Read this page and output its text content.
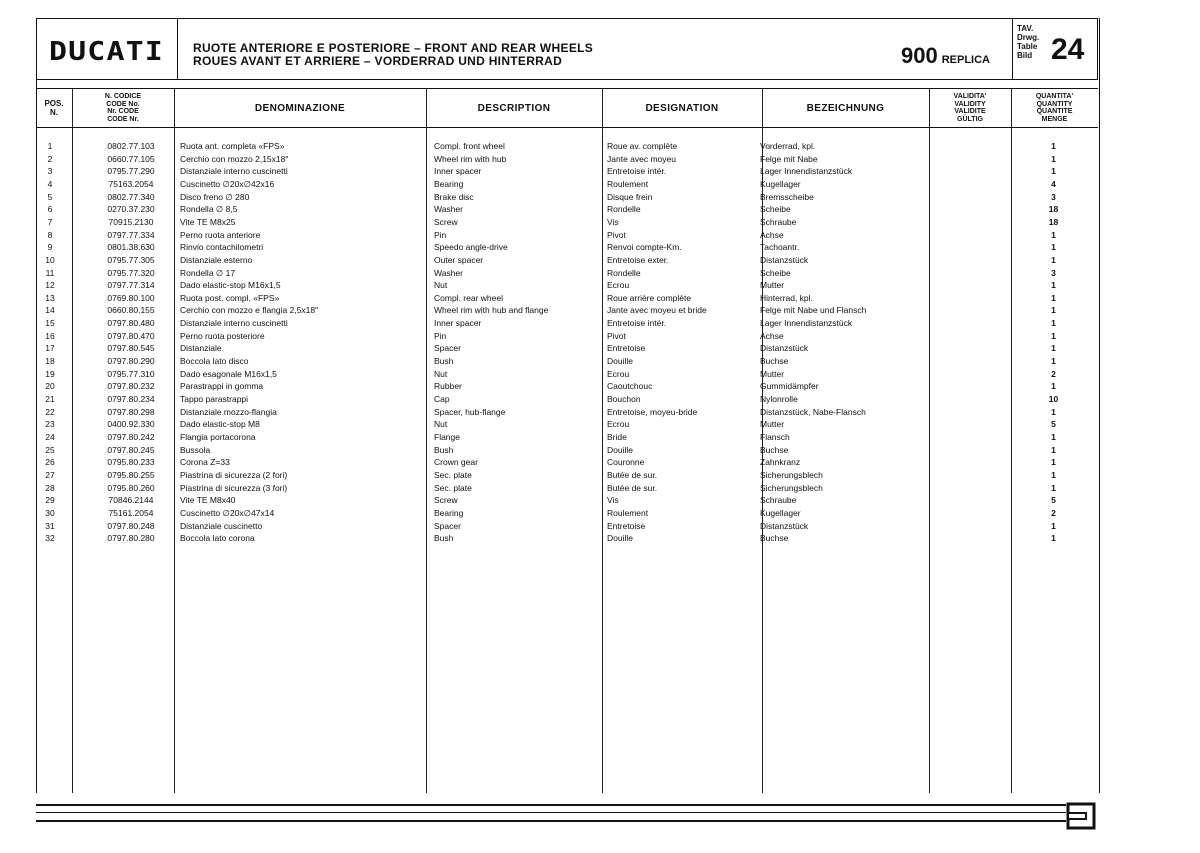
DUCATI RUOTE ANTERIORE E POSTERIORE – FRONT AND REAR WHEELS
ROUES AVANT ET ARRIERE – VORDERRAD UND HINTERRAD	900 REPLICA
TAV.
Drwg.
Table
Bild 24
POS.
N.
N. CODICE
CODE No.
Nr. CODE
CODE Nr.
DENOMINAZIONE	DESCRIPTION	DESIGNATION	BEZEICHNUNG
VALIDITA'
VALIDITY
VALIDITE
GÜLTIG
QUANTITA'
QUANTITY
QUANTITE
MENGE
1	0802.77.103	Ruota ant. completa «FPS»	Compl. front wheel	Roue av. complète	Vorderrad, kpl.	1
2	0660.77.105	Cerchio con mozzo 2,15x18"	Wheel rim with hub	Jante avec moyeu	Felge mit Nabe	1
3	0795.77.290	Distanziale interno cuscinetti	Inner spacer	Entretoise intér.	Lager Innendistanzstück	1
4	75163.2054	Cuscinetto ∅20x∅42x16	Bearing	Roulement	Kugellager	4
5	0802.77.340	Disco freno ∅ 280	Brake disc	Disque frein	Bremsscheibe	3
6	0270.37.230	Rondella ∅ 8,5	Washer	Rondelle	Scheibe	18
7	70915.2130	Vite TE M8x25	Screw	Vis	Schraube	18
8	0797.77.334	Perno ruota anteriore	Pin	Pivot	Achse	1
9	0801.38.630	Rinvio contachilometri	Speedo angle-drive	Renvoi compte-Km.	Tachoantr.	1
10	0795.77.305	Distanziale esterno	Outer spacer	Entretoise exter.	Distanzstück	1
11	0795.77.320	Rondella ∅ 17	Washer	Rondelle	Scheibe	3
12	0797.77.314	Dado elastic-stop M16x1,5	Nut	Ecrou	Mutter	1
13	0769.80.100	Ruota post. compl. «FPS»	Compl. rear wheel	Roue arrière complète	Hinterrad, kpl.	1
14	0660.80.155	Cerchio con mozzo e flangia 2,5x18"	Wheel rim with hub and flange	Jante avec moyeu et bride	Felge mit Nabe und Flansch	1
15	0797.80.480	Distanziale interno cuscinetti	Inner spacer	Entretoise intér.	Lager Innendistanzstück	1
16	0797.80.470	Perno ruota posteriore	Pin	Pivot	Achse	1
17	0797.80.545	Distanziale	Spacer	Entretoise	Distanzstück	1
18	0797.80.290	Boccola lato disco	Bush	Douille	Buchse	1
19	0795.77.310	Dado esagonale M16x1,5	Nut	Ecrou	Mutter	2
20	0797.80.232	Parastrappi in gomma	Rubber	Caoutchouc	Gummidämpfer	1
21	0797.80.234	Tappo parastrappi	Cap	Bouchon	Nylonrolle	10
22	0797.80.298	Distanziale mozzo-flangia	Spacer, hub-flange	Entretoise, moyeu-bride	Distanzstück, Nabe-Flansch	1
23	0400.92.330	Dado elastic-stop M8	Nut	Ecrou	Mutter	5
24	0797.80.242	Flangia portacorona	Flange	Bride	Flansch	1
25	0797.80.245	Bussola	Bush	Douille	Buchse	1
26	0795.80.233	Corona Z=33	Crown gear	Couronne	Zahnkranz	1
27	0795.80.255	Piastrina di sicurezza (2 fori)	Sec. plate	Butée de sur.	Sicherungsblech	1
28	0795.80.260	Piastrina di sicurezza (3 fori)	Sec. plate	Butée de sur.	Sicherungsblech	1
29	70846.2144	Vite TE M8x40	Screw	Vis	Schraube	5
30	75161.2054	Cuscinetto ∅20x∅47x14	Bearing	Roulement	Kugellager	2
31	0797.80.248	Distanziale cuscinetto	Spacer	Entretoise	Distanzstück	1
32	0797.80.280	Boccola lato corona	Bush	Douille	Buchse	1
